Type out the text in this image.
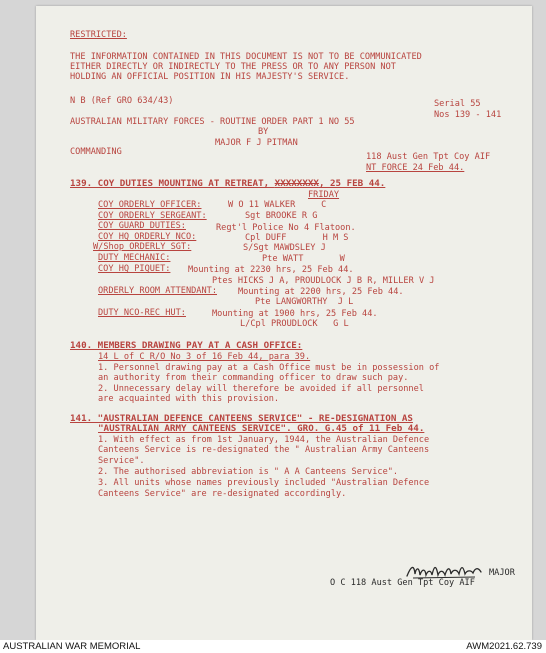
RESTRICTED:
THE INFORMATION CONTAINED IN THIS DOCUMENT IS NOT TO BE COMMUNICATED
EITHER DIRECTLY OR INDIRECTLY TO THE PRESS OR TO ANY PERSON NOT
HOLDING AN OFFICIAL POSITION IN HIS MAJESTY'S SERVICE.
N B (Ref GRO 634/43)	Serial 55
Nos 139 - 141
AUSTRALIAN MILITARY FORCES - ROUTINE ORDER PART 1 NO 55
BY
MAJOR F J PITMAN
COMMANDING	118 Aust Gen Tpt Coy AIF
NT FORCE 24 Feb 44.
139. COY DUTIES MOUNTING AT RETREAT, XXXXXXXX, 25 FEB 44.
FRIDAY
COY ORDERLY OFFICER:	W O 11 WALKER     C
COY ORDERLY SERGEANT:	Sgt BROOKE R G
COY GUARD DUTIES:	Regt'l Police No 4 Flatoon.
COY HQ ORDERLY NCO:	Cpl DUFF       H M S
W/Shop ORDERLY SGT:	S/Sgt MAWDSLEY J
DUTY MECHANIC:	Pte WATT       W
COY HQ PIQUET: Mounting at 2230 hrs, 25 Feb 44.
Ptes HICKS J A, PROUDLOCK J B R, MILLER V J
ORDERLY ROOM ATTENDANT: Mounting at 2200 hrs, 25 Feb 44.
Pte LANGWORTHY  J L
DUTY NCO-REC HUT:	Mounting at 1900 hrs, 25 Feb 44.
L/Cpl PROUDLOCK   G L
140. MEMBERS DRAWING PAY AT A CASH OFFICE:
14 L of C R/O No 3 of 16 Feb 44, para 39.
1. Personnel drawing pay at a Cash Office must be in possession of
an authority from their commanding officer to draw such pay.
2. Unnecessary delay will therefore be avoided if all personnel
are acquainted with this provision.
141. "AUSTRALIAN DEFENCE CANTEENS SERVICE" - RE-DESIGNATION AS
"AUSTRALIAN ARMY CANTEENS SERVICE". GRO. G.45 of 11 Feb 44.
1. With effect as from 1st January, 1944, the Australian Defence
Canteens Service is re-designated the " Australian Army Canteens
Service".
2. The authorised abbreviation is " A A Canteens Service".
3. All units whose names previously included "Australian Defence
Canteens Service" are re-designated accordingly.
MAJOR
O C 118 Aust Gen Tpt Coy AIF
AUSTRALIAN WAR MEMORIAL	AWM2021.62.739
